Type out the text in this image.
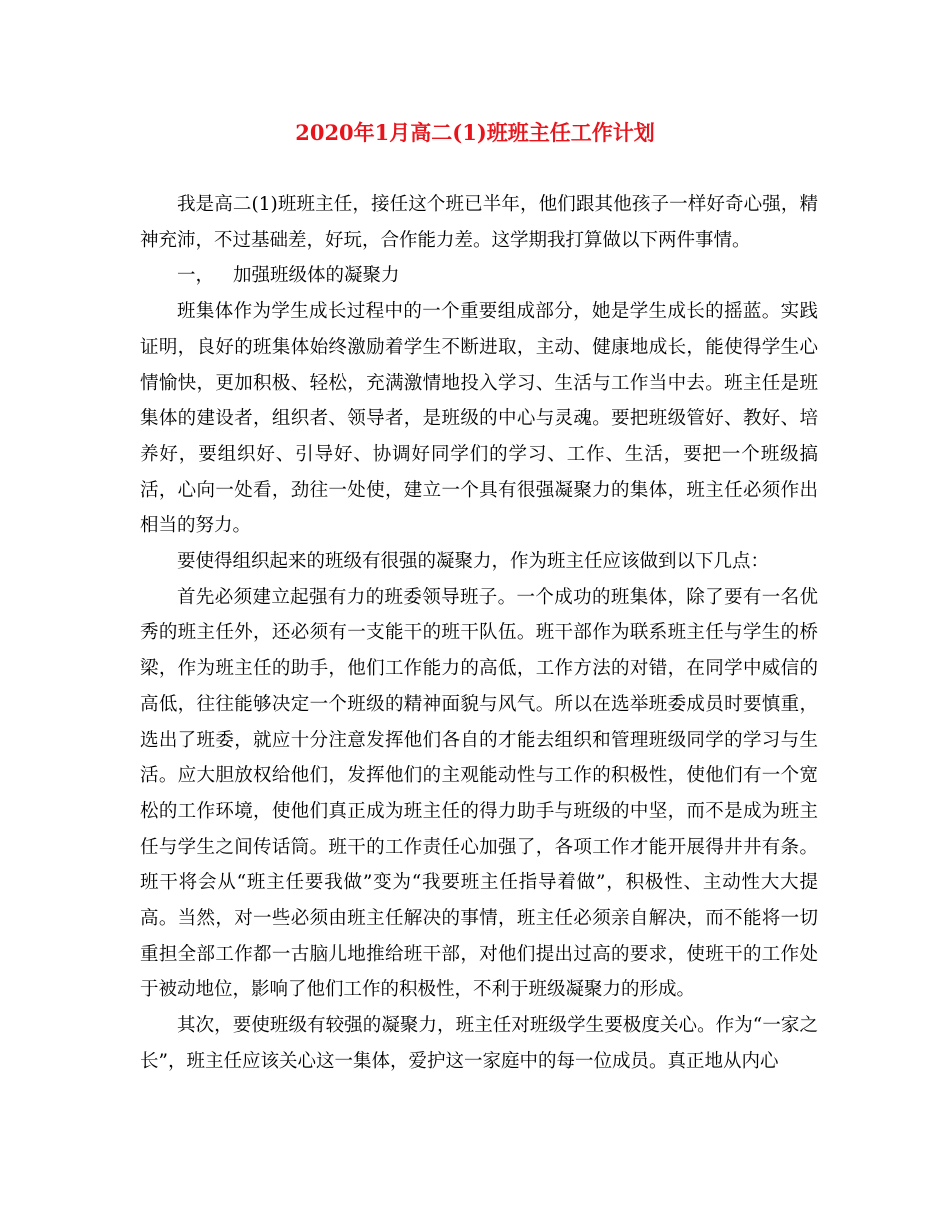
2020年1月高二(1)班班主任工作计划

我是高二(1)班班主任，接任这个班已半年，他们跟其他孩子一样好奇心强，精神充沛，不过基础差，好玩，合作能力差。这学期我打算做以下两件事情。

一， 加强班级体的凝聚力

班集体作为学生成长过程中的一个重要组成部分，她是学生成长的摇蓝。实践证明，良好的班集体始终激励着学生不断进取，主动、健康地成长，能使得学生心情愉快，更加积极、轻松，充满激情地投入学习、生活与工作当中去。班主任是班集体的建设者，组织者、领导者，是班级的中心与灵魂。要把班级管好、教好、培养好，要组织好、引导好、协调好同学们的学习、工作、生活，要把一个班级搞活，心向一处看，劲往一处使，建立一个具有很强凝聚力的集体，班主任必须作出相当的努力。

要使得组织起来的班级有很强的凝聚力，作为班主任应该做到以下几点：

首先必须建立起强有力的班委领导班子。一个成功的班集体，除了要有一名优秀的班主任外，还必须有一支能干的班干队伍。班干部作为联系班主任与学生的桥梁，作为班主任的助手，他们工作能力的高低，工作方法的对错，在同学中威信的高低，往往能够决定一个班级的精神面貌与风气。所以在选举班委成员时要慎重，选出了班委，就应十分注意发挥他们各自的才能去组织和管理班级同学的学习与生活。应大胆放权给他们，发挥他们的主观能动性与工作的积极性，使他们有一个宽松的工作环境，使他们真正成为班主任的得力助手与班级的中坚，而不是成为班主任与学生之间传话筒。班干的工作责任心加强了，各项工作才能开展得井井有条。班干将会从“班主任要我做”变为“我要班主任指导着做”，积极性、主动性大大提高。当然，对一些必须由班主任解决的事情，班主任必须亲自解决，而不能将一切重担全部工作都一古脑儿地推给班干部，对他们提出过高的要求，使班干的工作处于被动地位，影响了他们工作的积极性，不利于班级凝聚力的形成。

其次，要使班级有较强的凝聚力，班主任对班级学生要极度关心。作为“一家之长”，班主任应该关心这一集体，爱护这一家庭中的每一位成员。真正地从内心
